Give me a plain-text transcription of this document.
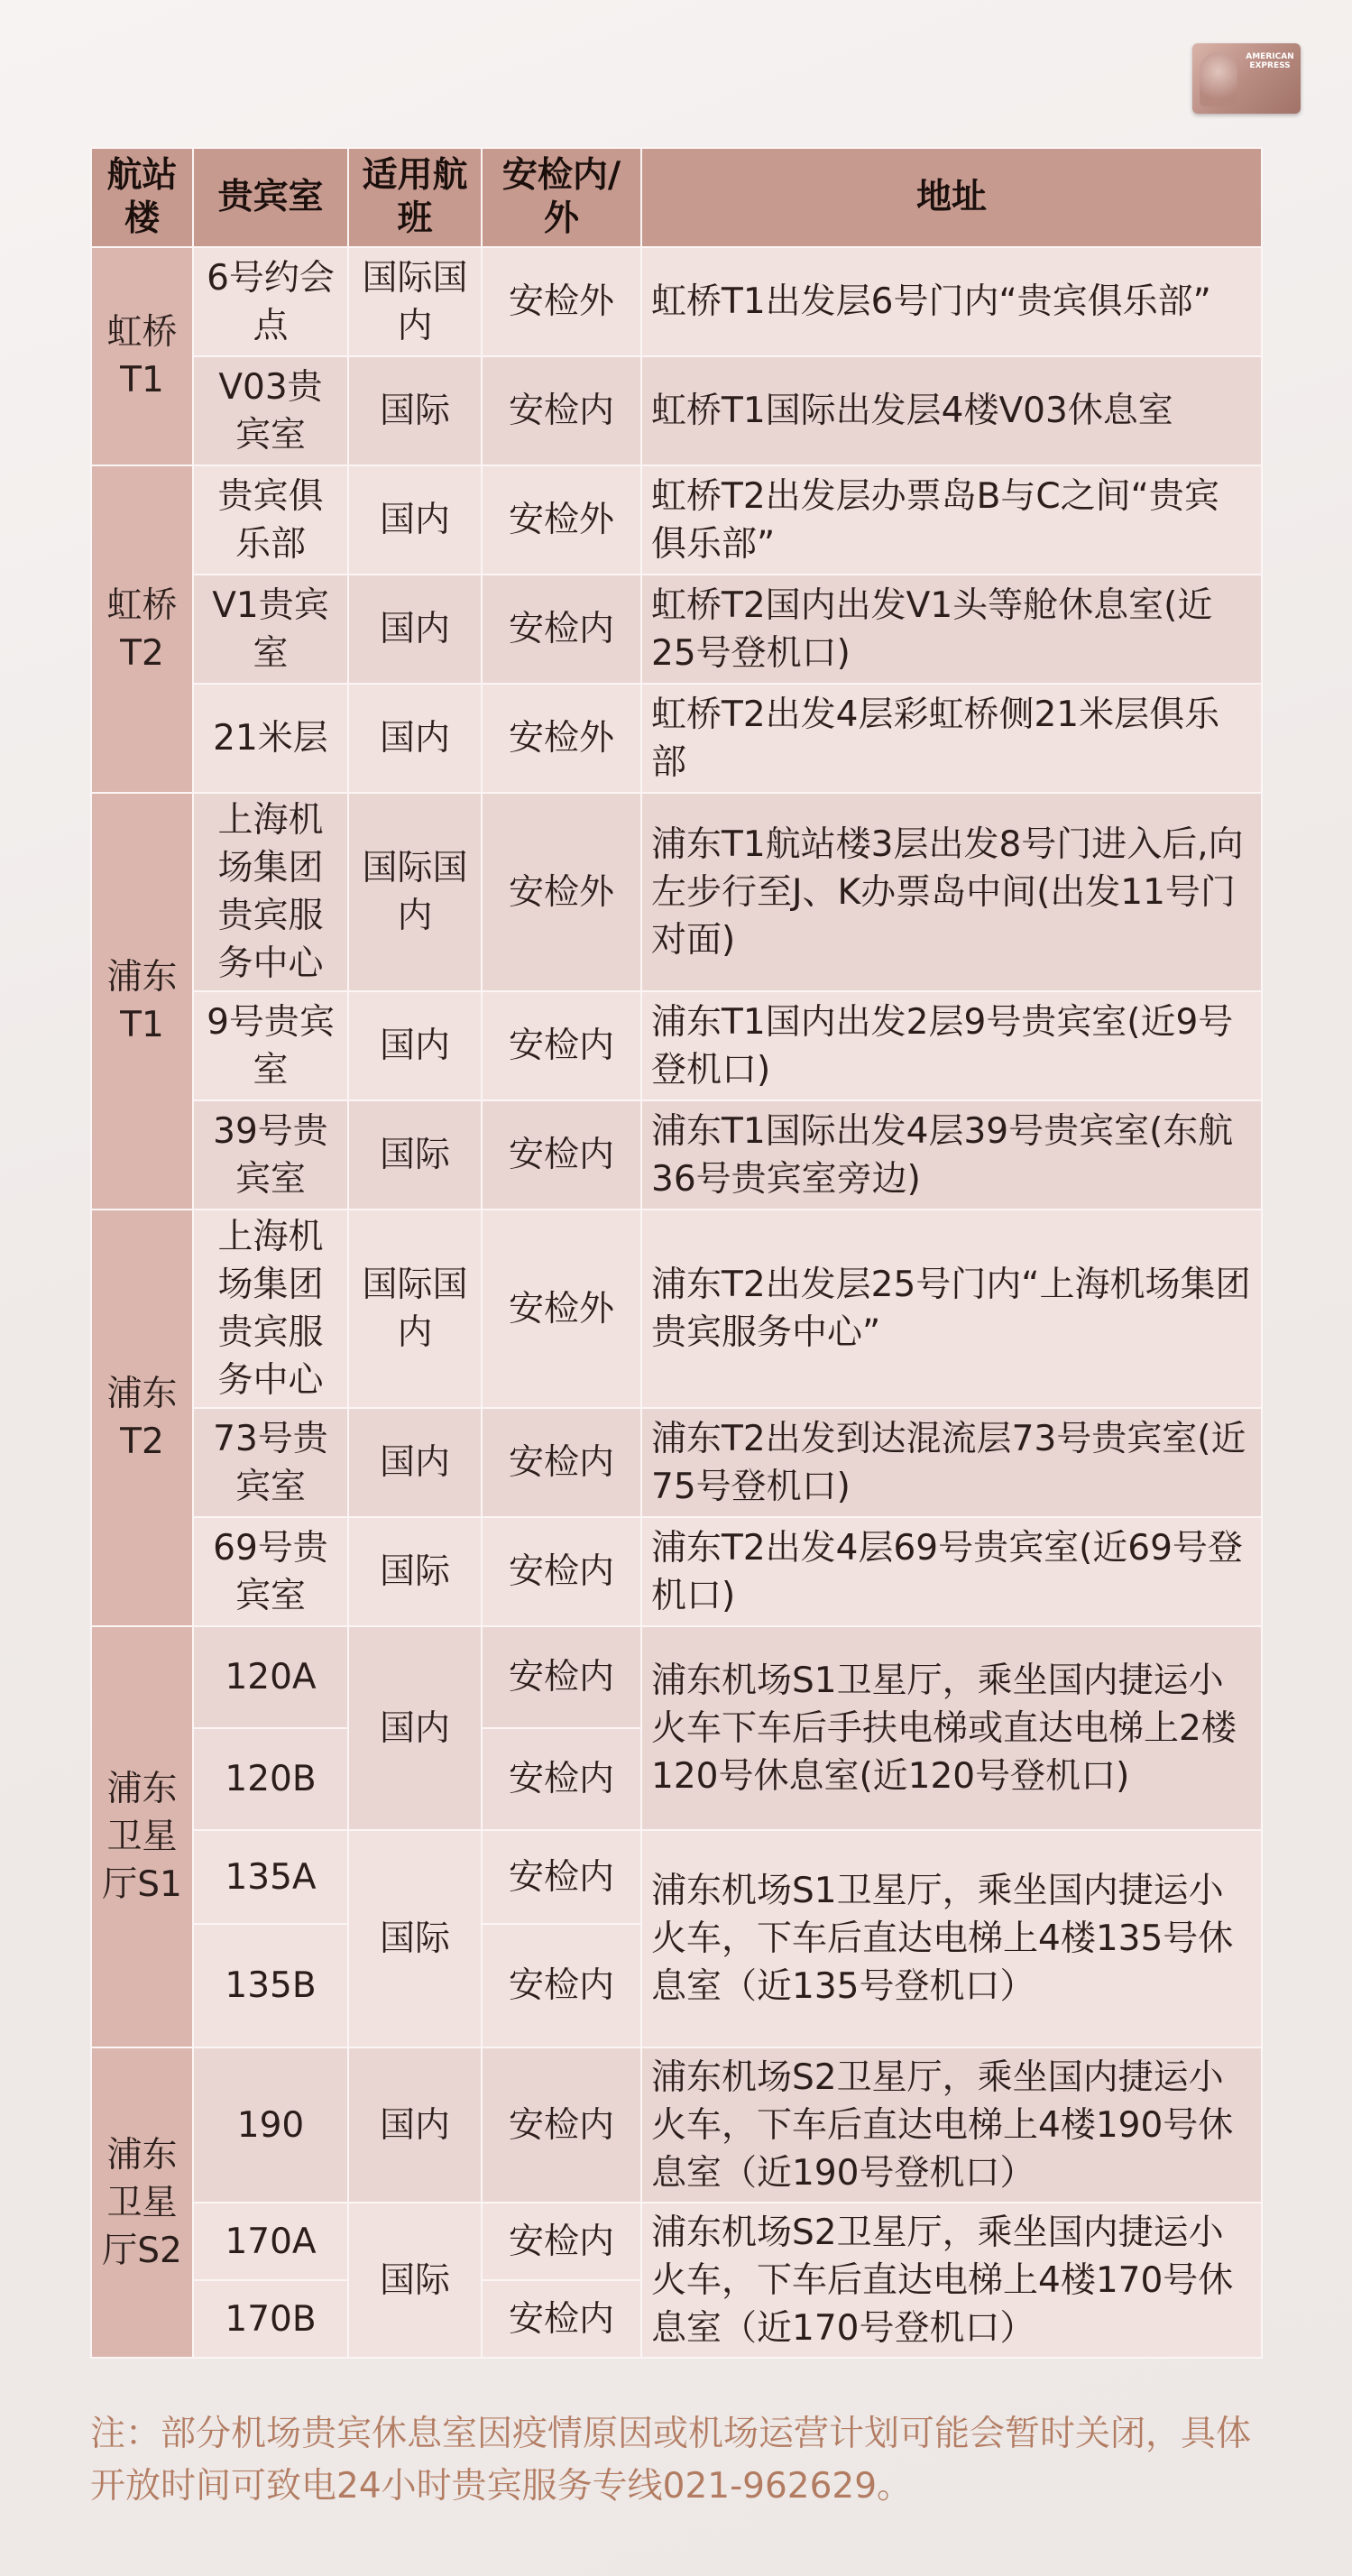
AMERICAN
EXPRESS
航站楼	贵宾室	适用航班	安检内/外	地址
虹桥T1	6号约会点	国际国内	安检外	虹桥T1出发层6号门内“贵宾俱乐部”
	V03贵宾室	国际	安检内	虹桥T1国际出发层4楼V03休息室
虹桥T2	贵宾俱乐部	国内	安检外	虹桥T2出发层办票岛B与C之间“贵宾俱乐部”
	V1贵宾室	国内	安检内	虹桥T2国内出发V1头等舱休息室(近25号登机口)
	21米层	国内	安检外	虹桥T2出发4层彩虹桥侧21米层俱乐部
浦东T1	上海机场集团贵宾服务中心	国际国内	安检外	浦东T1航站楼3层出发8号门进入后,向左步行至J、K办票岛中间(出发11号门对面)
	9号贵宾室	国内	安检内	浦东T1国内出发2层9号贵宾室(近9号登机口)
	39号贵宾室	国际	安检内	浦东T1国际出发4层39号贵宾室(东航36号贵宾室旁边)
浦东T2	上海机场集团贵宾服务中心	国际国内	安检外	浦东T2出发层25号门内“上海机场集团贵宾服务中心”
	73号贵宾室	国内	安检内	浦东T2出发到达混流层73号贵宾室(近75号登机口)
	69号贵宾室	国际	安检内	浦东T2出发4层69号贵宾室(近69号登机口)
浦东卫星厅S1	120A	国内	安检内	浦东机场S1卫星厅，乘坐国内捷运小火车下车后手扶电梯或直达电梯上2楼120号休息室(近120号登机口)
	120B		安检内	
	135A	国际	安检内	浦东机场S1卫星厅，乘坐国内捷运小火车，下车后直达电梯上4楼135号休息室（近135号登机口）
	135B		安检内	
浦东卫星厅S2	190	国内	安检内	浦东机场S2卫星厅，乘坐国内捷运小火车，下车后直达电梯上4楼190号休息室（近190号登机口）
	170A	国际	安检内	浦东机场S2卫星厅，乘坐国内捷运小火车，下车后直达电梯上4楼170号休息室（近170号登机口）
	170B		安检内	
注：部分机场贵宾休息室因疫情原因或机场运营计划可能会暂时关闭，具体开放时间可致电24小时贵宾服务专线021-962629。
